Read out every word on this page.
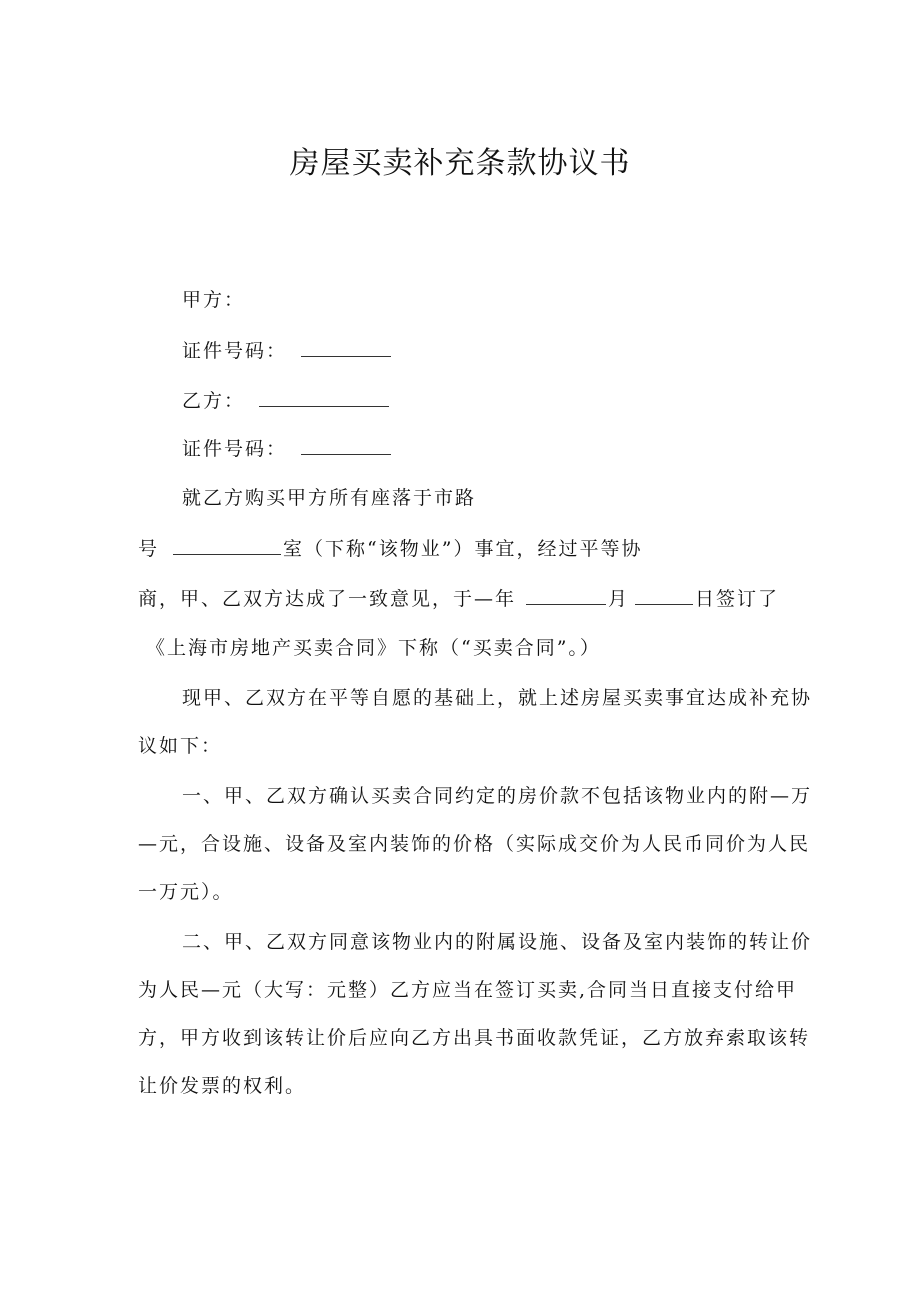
房屋买卖补充条款协议书
甲方：
证件号码：
乙方：
证件号码：
就乙方购买甲方所有座落于市路
号	室（下称“该物业”）事宜，经过平等协
商，甲、乙双方达成了一致意见，于—年	月	日签订了
《上海市房地产买卖合同》下称（“买卖合同”。）
现甲、乙双方在平等自愿的基础上，就上述房屋买卖事宜达成补充协
议如下：
一、甲、乙双方确认买卖合同约定的房价款不包括该物业内的附—万
—元，合设施、设备及室内装饰的价格（实际成交价为人民币同价为人民
一万元）。
二、甲、乙双方同意该物业内的附属设施、设备及室内装饰的转让价
为人民—元（大写：元整）乙方应当在签订买卖,合同当日直接支付给甲
方，甲方收到该转让价后应向乙方出具书面收款凭证，乙方放弃索取该转
让价发票的权利。
